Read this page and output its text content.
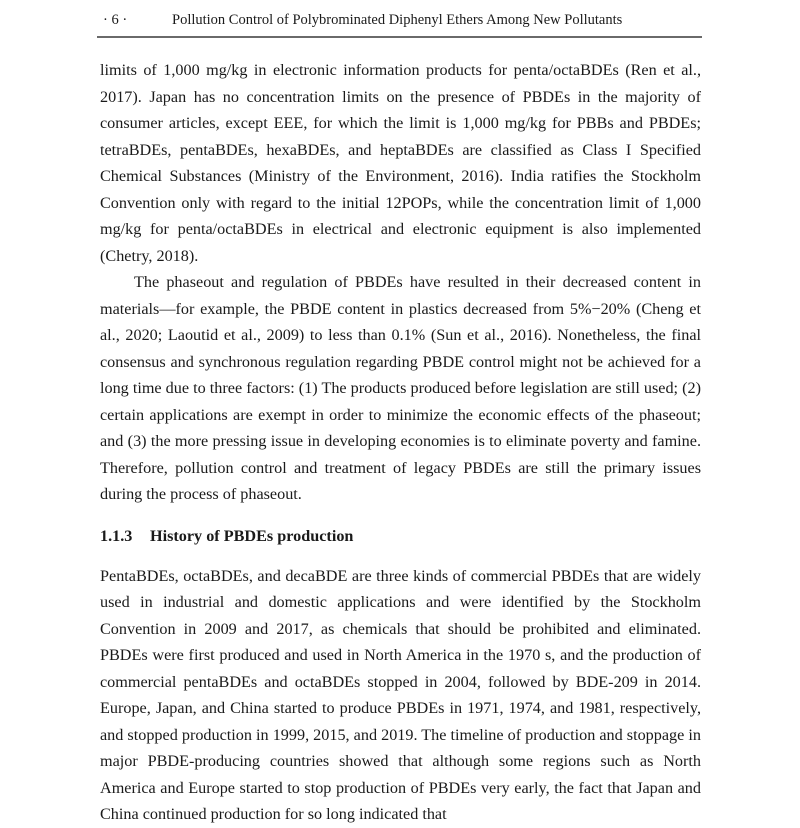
· 6 ·	Pollution Control of Polybrominated Diphenyl Ethers Among New Pollutants

limits of 1,000 mg/kg in electronic information products for penta/octaBDEs (Ren et al., 2017). Japan has no concentration limits on the presence of PBDEs in the majority of consumer articles, except EEE, for which the limit is 1,000 mg/kg for PBBs and PBDEs; tetraBDEs, pentaBDEs, hexaBDEs, and heptaBDEs are classified as Class I Specified Chemical Substances (Ministry of the Environment, 2016). India ratifies the Stockholm Convention only with regard to the initial 12POPs, while the concentration limit of 1,000 mg/kg for penta/octaBDEs in electrical and electronic equipment is also implemented (Chetry, 2018).

The phaseout and regulation of PBDEs have resulted in their decreased content in materials—for example, the PBDE content in plastics decreased from 5%−20% (Cheng et al., 2020; Laoutid et al., 2009) to less than 0.1% (Sun et al., 2016). Nonetheless, the final consensus and synchronous regulation regarding PBDE control might not be achieved for a long time due to three factors: (1) The products produced before legislation are still used; (2) certain applications are exempt in order to minimize the economic effects of the phaseout; and (3) the more pressing issue in developing economies is to eliminate poverty and famine. Therefore, pollution control and treatment of legacy PBDEs are still the primary issues during the process of phaseout.

1.1.3 History of PBDEs production

PentaBDEs, octaBDEs, and decaBDE are three kinds of commercial PBDEs that are widely used in industrial and domestic applications and were identified by the Stockholm Convention in 2009 and 2017, as chemicals that should be prohibited and eliminated. PBDEs were first produced and used in North America in the 1970 s, and the production of commercial pentaBDEs and octaBDEs stopped in 2004, followed by BDE-209 in 2014. Europe, Japan, and China started to produce PBDEs in 1971, 1974, and 1981, respectively, and stopped production in 1999, 2015, and 2019. The timeline of production and stoppage in major PBDE-producing countries showed that although some regions such as North America and Europe started to stop production of PBDEs very early, the fact that Japan and China continued production for so long indicated that
